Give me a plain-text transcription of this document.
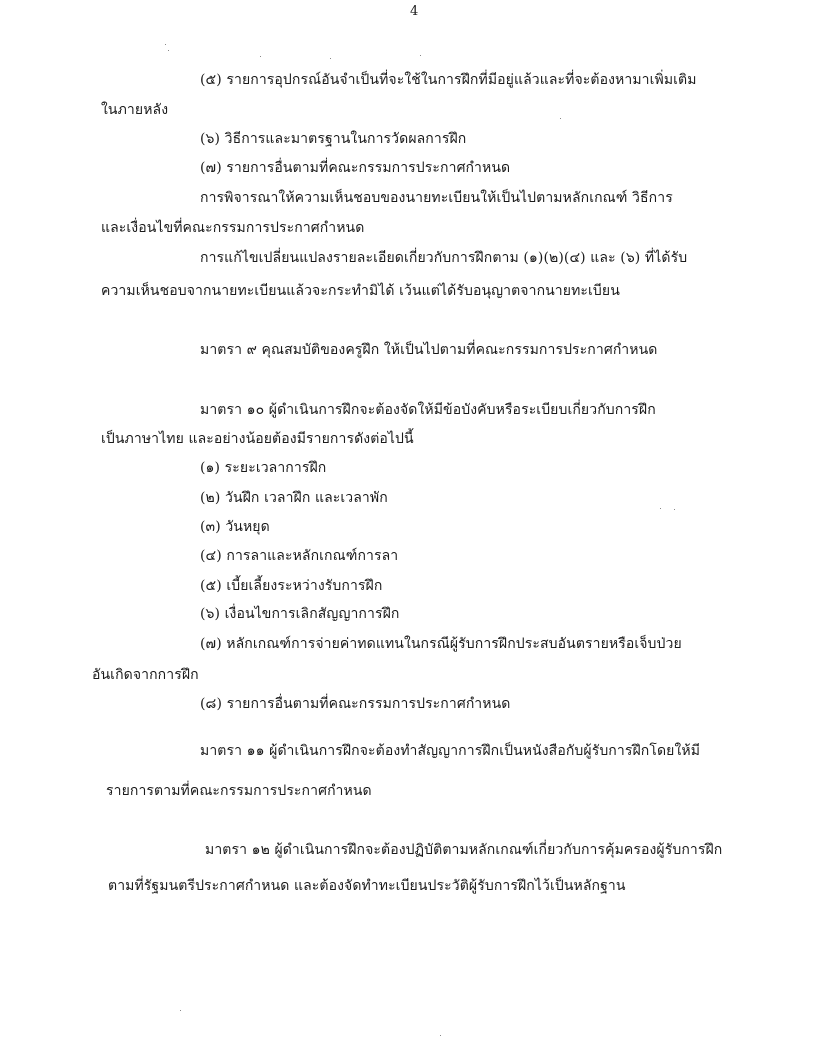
4
(๕) รายการอุปกรณ์อันจำเป็นที่จะใช้ในการฝึกที่มีอยู่แล้วและที่จะต้องหามาเพิ่มเติม
ในภายหลัง
(๖) วิธีการและมาตรฐานในการวัดผลการฝึก
(๗) รายการอื่นตามที่คณะกรรมการประกาศกำหนด
การพิจารณาให้ความเห็นชอบของนายทะเบียนให้เป็นไปตามหลักเกณฑ์ วิธีการ
และเงื่อนไขที่คณะกรรมการประกาศกำหนด
การแก้ไขเปลี่ยนแปลงรายละเอียดเกี่ยวกับการฝึกตาม (๑)(๒)(๔) และ (๖) ที่ได้รับ
ความเห็นชอบจากนายทะเบียนแล้วจะกระทำมิได้ เว้นแต่ได้รับอนุญาตจากนายทะเบียน
มาตรา ๙ คุณสมบัติของครูฝึก ให้เป็นไปตามที่คณะกรรมการประกาศกำหนด
มาตรา ๑๐ ผู้ดำเนินการฝึกจะต้องจัดให้มีข้อบังคับหรือระเบียบเกี่ยวกับการฝึก
เป็นภาษาไทย และอย่างน้อยต้องมีรายการดังต่อไปนี้
(๑) ระยะเวลาการฝึก
(๒) วันฝึก เวลาฝึก และเวลาพัก
(๓) วันหยุด
(๔) การลาและหลักเกณฑ์การลา
(๕) เบี้ยเลี้ยงระหว่างรับการฝึก
(๖) เงื่อนไขการเลิกสัญญาการฝึก
(๗) หลักเกณฑ์การจ่ายค่าทดแทนในกรณีผู้รับการฝึกประสบอันตรายหรือเจ็บป่วย
อันเกิดจากการฝึก
(๘) รายการอื่นตามที่คณะกรรมการประกาศกำหนด
มาตรา ๑๑ ผู้ดำเนินการฝึกจะต้องทำสัญญาการฝึกเป็นหนังสือกับผู้รับการฝึกโดยให้มี
รายการตามที่คณะกรรมการประกาศกำหนด
มาตรา ๑๒ ผู้ดำเนินการฝึกจะต้องปฏิบัติตามหลักเกณฑ์เกี่ยวกับการคุ้มครองผู้รับการฝึก
ตามที่รัฐมนตรีประกาศกำหนด และต้องจัดทำทะเบียนประวัติผู้รับการฝึกไว้เป็นหลักฐาน
